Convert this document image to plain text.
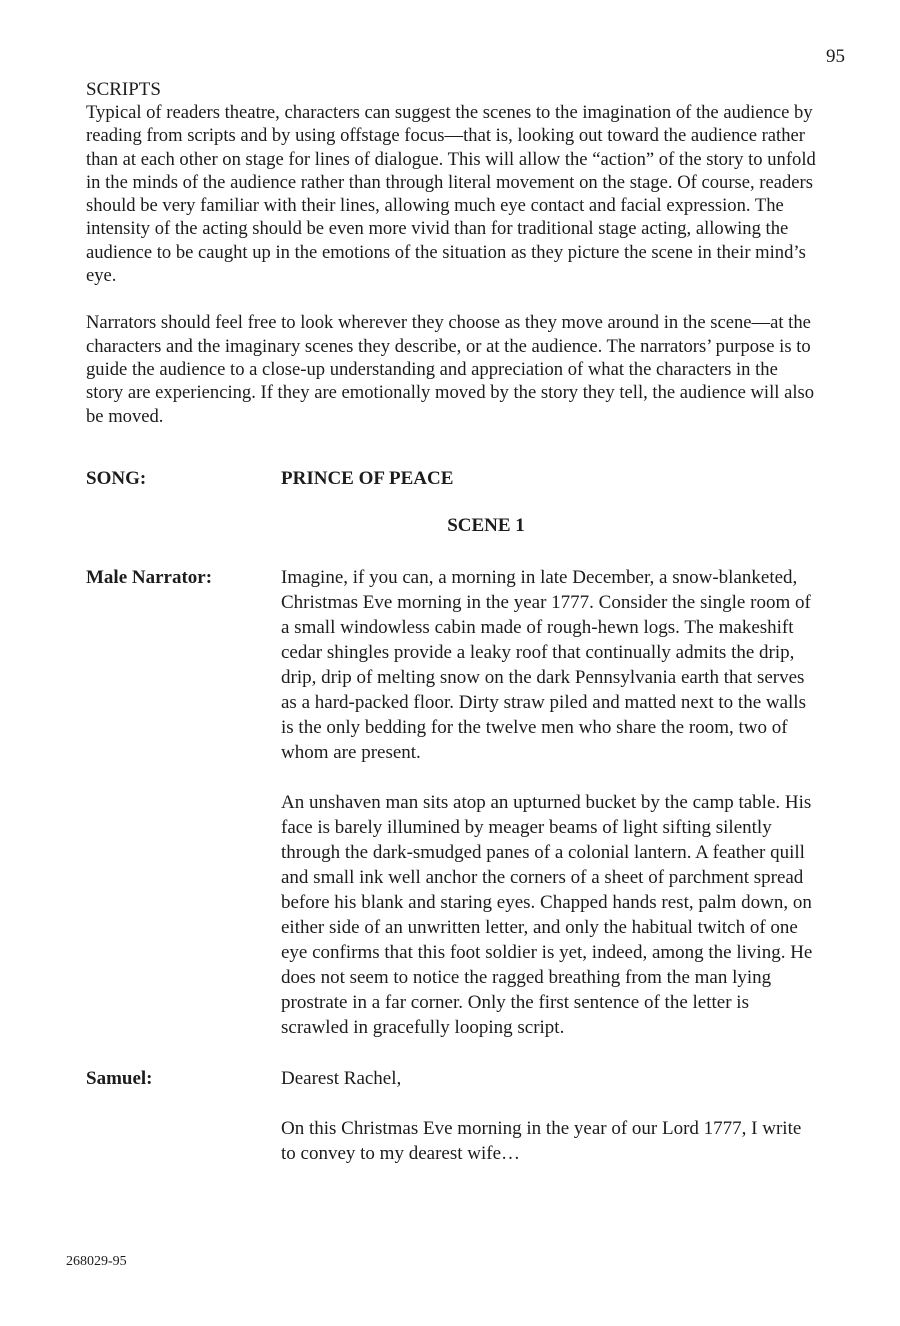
95
SCRIPTS

Typical of readers theatre, characters can suggest the scenes to the imagination of the audience by reading from scripts and by using offstage focus—that is, looking out toward the audience rather than at each other on stage for lines of dialogue. This will allow the “action” of the story to unfold in the minds of the audience rather than through literal movement on the stage. Of course, readers should be very familiar with their lines, allowing much eye contact and facial expression. The intensity of the acting should be even more vivid than for traditional stage acting, allowing the audience to be caught up in the emotions of the situation as they picture the scene in their mind’s eye.

Narrators should feel free to look wherever they choose as they move around in the scene—at the characters and the imaginary scenes they describe, or at the audience. The narrators’ purpose is to guide the audience to a close-up understanding and appreciation of what the characters in the story are experiencing. If they are emotionally moved by the story they tell, the audience will also be moved.

SONG:	PRINCE OF PEACE
SCENE 1
Male Narrator:	Imagine, if you can, a morning in late December, a snow-blanketed, Christmas Eve morning in the year 1777. Consider the single room of a small windowless cabin made of rough-hewn logs. The makeshift cedar shingles provide a leaky roof that continually admits the drip, drip, drip of melting snow on the dark Pennsylvania earth that serves as a hard-packed floor. Dirty straw piled and matted next to the walls is the only bedding for the twelve men who share the room, two of whom are present.

An unshaven man sits atop an upturned bucket by the camp table. His face is barely illumined by meager beams of light sifting silently through the dark-smudged panes of a colonial lantern. A feather quill and small ink well anchor the corners of a sheet of parchment spread before his blank and staring eyes. Chapped hands rest, palm down, on either side of an unwritten letter, and only the habitual twitch of one eye confirms that this foot soldier is yet, indeed, among the living. He does not seem to notice the ragged breathing from the man lying prostrate in a far corner. Only the first sentence of the letter is scrawled in gracefully looping script.

Samuel:	Dearest Rachel,

On this Christmas Eve morning in the year of our Lord 1777, I write to convey to my dearest wife…

268029-95
